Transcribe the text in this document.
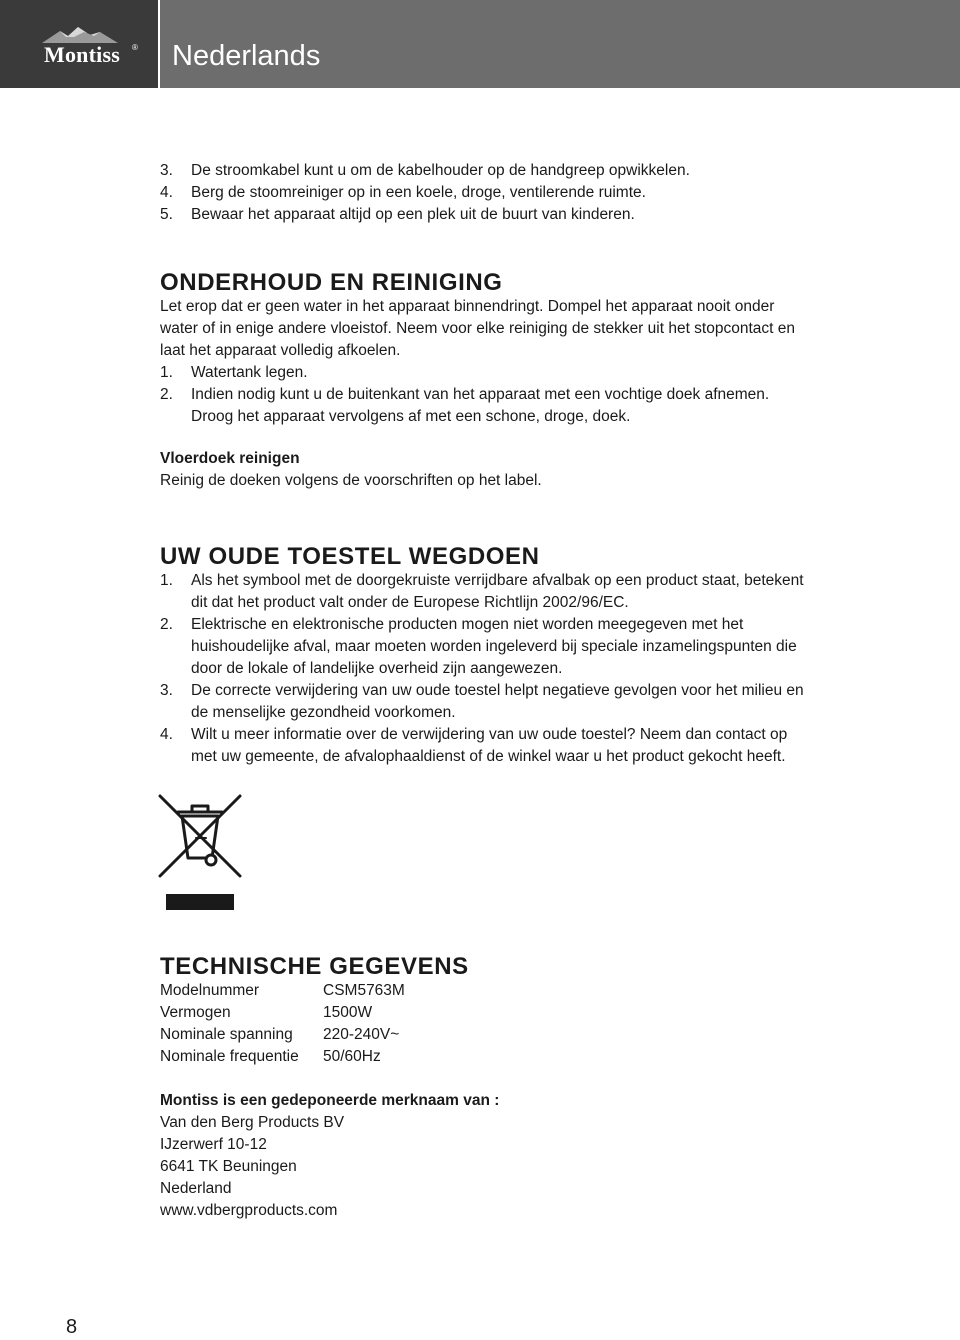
Montiss ® Nederlands
3.	De stroomkabel kunt u om de kabelhouder op de handgreep opwikkelen.
4.	Berg de stoomreiniger op in een koele, droge, ventilerende ruimte.
5.	Bewaar het apparaat altijd op een plek uit de buurt van kinderen.
ONDERHOUD EN REINIGING
Let erop dat er geen water in het apparaat binnendringt. Dompel het apparaat nooit onder
water of in enige andere vloeistof. Neem voor elke reiniging de stekker uit het stopcontact en
laat het apparaat volledig afkoelen.
1.	Watertank legen.
2.	Indien nodig kunt u de buitenkant van het apparaat met een vochtige doek afnemen.
Droog het apparaat vervolgens af met een schone, droge, doek.
Vloerdoek reinigen
Reinig de doeken volgens de voorschriften op het label.
UW OUDE TOESTEL WEGDOEN
1.	Als het symbool met de doorgekruiste verrijdbare afvalbak op een product staat, betekent
dit dat het product valt onder de Europese Richtlijn 2002/96/EC.
2.	Elektrische en elektronische producten mogen niet worden meegegeven met het
huishoudelijke afval, maar moeten worden ingeleverd bij speciale inzamelingspunten die
door de lokale of landelijke overheid zijn aangewezen.
3.	De correcte verwijdering van uw oude toestel helpt negatieve gevolgen voor het milieu en
de menselijke gezondheid voorkomen.
4.	Wilt u meer informatie over de verwijdering van uw oude toestel? Neem dan contact op
met uw gemeente, de afvalophaaldienst of de winkel waar u het product gekocht heeft.
TECHNISCHE GEGEVENS
Modelnummer	CSM5763M
Vermogen	1500W
Nominale spanning	220-240V~
Nominale frequentie	50/60Hz
Montiss is een gedeponeerde merknaam van :
Van den Berg Products BV
IJzerwerf 10-12
6641 TK Beuningen
Nederland
www.vdbergproducts.com
8
